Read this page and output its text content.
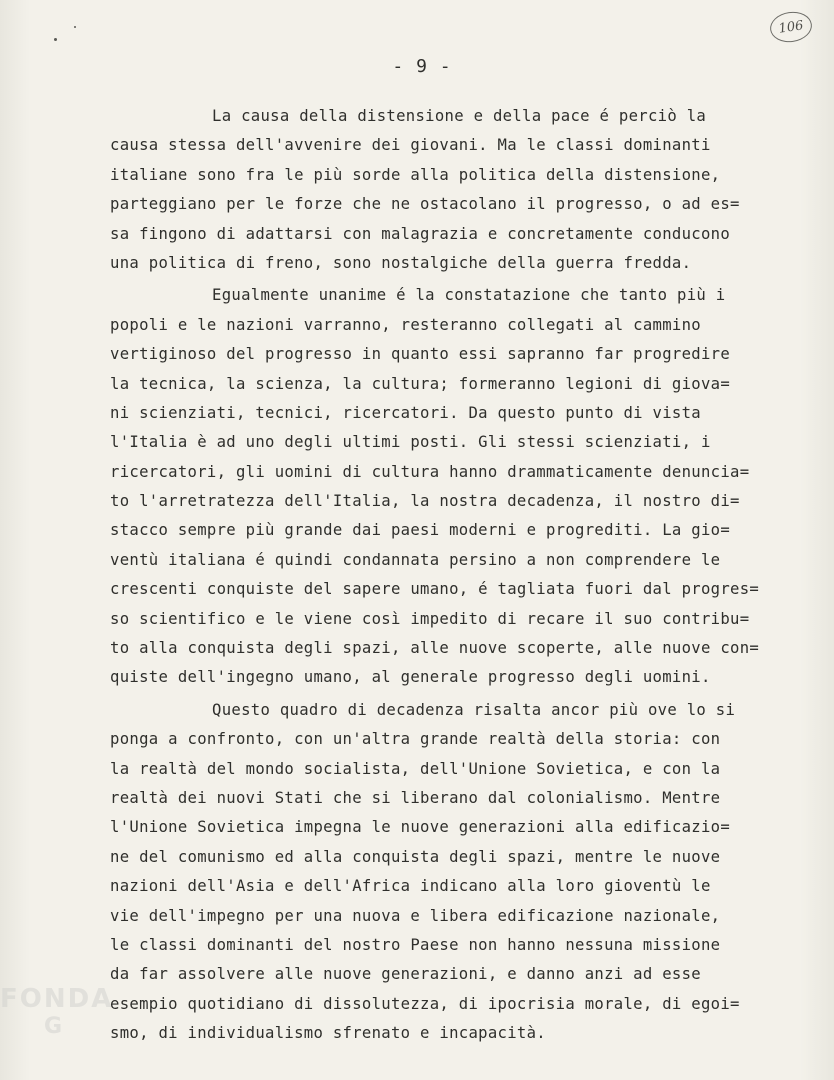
106
- 9 -
La causa della distensione e della pace é perciò la
causa stessa dell'avvenire dei giovani. Ma le classi dominanti
italiane sono fra le più sorde alla politica della distensione,
parteggiano per le forze che ne ostacolano il progresso, o ad es=
sa fingono di adattarsi con malagrazia e concretamente conducono
una politica di freno, sono nostalgiche della guerra fredda.
Egualmente unanime é la constatazione che tanto più i
popoli e le nazioni varranno, resteranno collegati al cammino
vertiginoso del progresso in quanto essi sapranno far progredire
la tecnica, la scienza, la cultura; formeranno legioni di giova=
ni scienziati, tecnici, ricercatori. Da questo punto di vista
l'Italia è ad uno degli ultimi posti. Gli stessi scienziati, i
ricercatori, gli uomini di cultura hanno drammaticamente denuncia=
to l'arretratezza dell'Italia, la nostra decadenza, il nostro di=
stacco sempre più grande dai paesi moderni e progrediti. La gio=
ventù italiana é quindi condannata persino a non comprendere le
crescenti conquiste del sapere umano, é tagliata fuori dal progres=
so scientifico e le viene così impedito di recare il suo contribu=
to alla conquista degli spazi, alle nuove scoperte, alle nuove con=
quiste dell'ingegno umano, al generale progresso degli uomini.
Questo quadro di decadenza risalta ancor più ove lo si
ponga a confronto, con un'altra grande realtà della storia: con
la realtà del mondo socialista, dell'Unione Sovietica, e con la
realtà dei nuovi Stati che si liberano dal colonialismo. Mentre
l'Unione Sovietica impegna le nuove generazioni alla edificazio=
ne del comunismo ed alla conquista degli spazi, mentre le nuove
nazioni dell'Asia e dell'Africa indicano alla loro gioventù le
vie dell'impegno per una nuova e libera edificazione nazionale,
le classi dominanti del nostro Paese non hanno nessuna missione
da far assolvere alle nuove generazioni, e danno anzi ad esse
esempio quotidiano di dissolutezza, di ipocrisia morale, di egoi=
smo, di individualismo sfrenato e incapacità.
FONDA
G
